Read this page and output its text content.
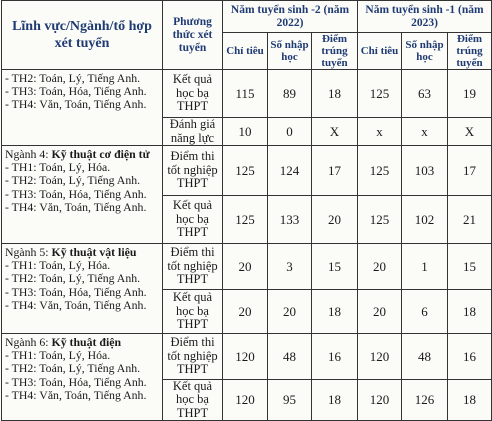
Lĩnh vực/Ngành/tổ hợp xét tuyển	Phương thức xét tuyển	Năm tuyển sinh -2 (năm 2022)			Năm tuyển sinh -1 (năm 2023)		
		Chỉ tiêu	Số nhập học	Điểm trúng tuyển	Chỉ tiêu	Số nhập học	Điểm trúng tuyển

- TH2: Toán, Lý, Tiếng Anh.
- TH3: Toán, Hóa, Tiếng Anh.
- TH4: Văn, Toán, Tiếng Anh.	Kết quả học bạ THPT	115	89	18	125	63	19
	Đánh giá năng lực	10	0	X	x	x	X

Ngành 4: Kỹ thuật cơ điện tử
- TH1: Toán, Lý, Hóa.
- TH2: Toán, Lý, Tiếng Anh.
- TH3: Toán, Hóa, Tiếng Anh.
- TH4: Văn, Toán, Tiếng Anh.	Điểm thi tốt nghiệp THPT	125	124	17	125	103	17
	Kết quả học bạ THPT	125	133	20	125	102	21

Ngành 5: Kỹ thuật vật liệu
- TH1: Toán, Lý, Hóa.
- TH2: Toán, Lý, Tiếng Anh.
- TH3: Toán, Hóa, Tiếng Anh.
- TH4: Văn, Toán, Tiếng Anh.	Điểm thi tốt nghiệp THPT	20	3	15	20	1	15
	Kết quả học bạ THPT	20	20	18	20	6	18

Ngành 6: Kỹ thuật điện
- TH1: Toán, Lý, Hóa.
- TH2: Toán, Lý, Tiếng Anh.
- TH3: Toán, Hóa, Tiếng Anh.
- TH4: Văn, Toán, Tiếng Anh.	Điểm thi tốt nghiệp THPT	120	48	16	120	48	16
	Kết quả học bạ THPT	120	95	18	120	126	18
